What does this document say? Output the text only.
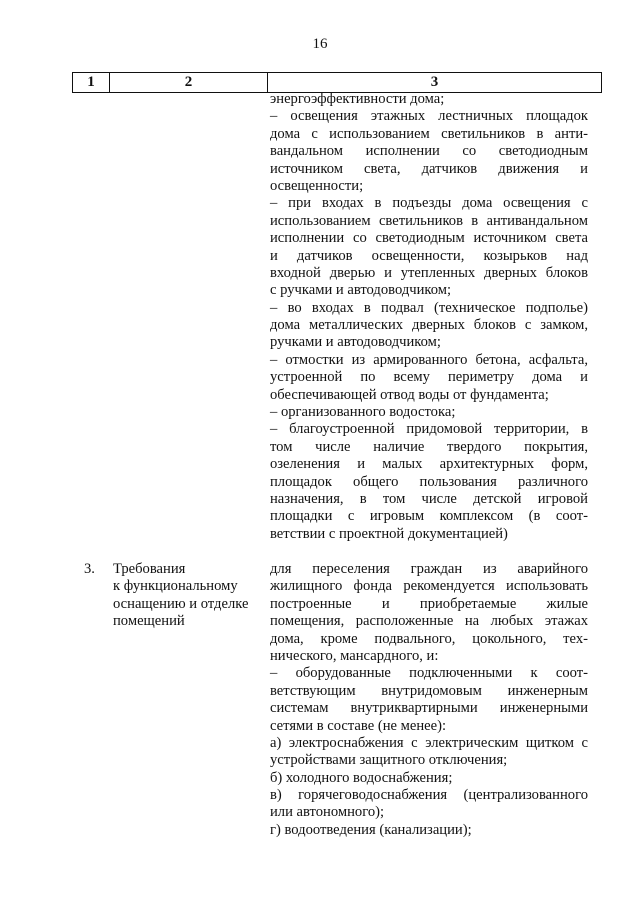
16
1	2	3
энергоэффективности дома;
– освещения этажных лестничных площадок
дома с использованием светильников в анти-
вандальном исполнении со светодиодным
источником света, датчиков движения и
освещенности;
– при входах в подъезды дома освещения с
использованием светильников в антивандальном
исполнении со светодиодным источником света
и датчиков освещенности, козырьков над
входной дверью и утепленных дверных блоков
с ручками и автодоводчиком;
– во входах в подвал (техническое подполье)
дома металлических дверных блоков с замком,
ручками и автодоводчиком;
– отмостки из армированного бетона, асфальта,
устроенной по всему периметру дома и
обеспечивающей отвод воды от фундамента;
– организованного водостока;
– благоустроенной придомовой территории, в
том числе наличие твердого покрытия,
озеленения и малых архитектурных форм,
площадок общего пользования различного
назначения, в том числе детской игровой
площадки с игровым комплексом (в соот-
ветствии с проектной документацией)
3. Требования
к функциональному
оснащению и отделке
помещений
для переселения граждан из аварийного
жилищного фонда рекомендуется использовать
построенные и приобретаемые жилые
помещения, расположенные на любых этажах
дома, кроме подвального, цокольного, тех-
нического, мансардного, и:
– оборудованные подключенными к соот-
ветствующим внутридомовым инженерным
системам внутриквартирными инженерными
сетями в составе (не менее):
а) электроснабжения с электрическим щитком с
устройствами защитного отключения;
б) холодного водоснабжения;
в) горячеговодоснабжения (централизованного
или автономного);
г) водоотведения (канализации);
